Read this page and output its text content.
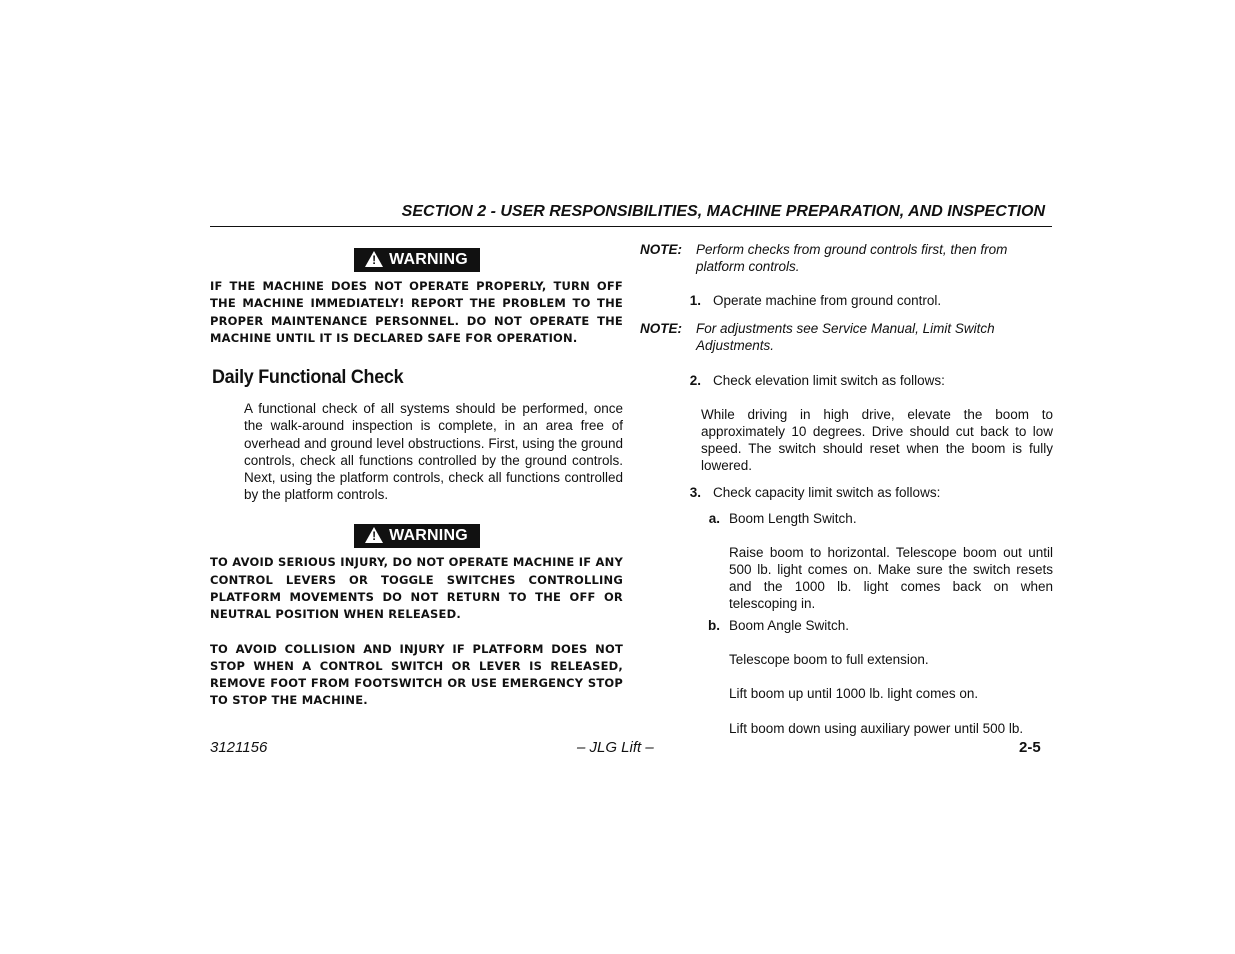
SECTION 2 - USER RESPONSIBILITIES, MACHINE PREPARATION, AND INSPECTION
!WARNING

IF THE MACHINE DOES NOT OPERATE PROPERLY, TURN OFF THE MACHINE IMMEDIATELY! REPORT THE PROBLEM TO THE PROPER MAINTENANCE PERSONNEL. DO NOT OPERATE THE MACHINE UNTIL IT IS DECLARED SAFE FOR OPERATION.

Daily Functional Check

A functional check of all systems should be performed, once the walk-around inspection is complete, in an area free of overhead and ground level obstructions. First, using the ground controls, check all functions controlled by the ground controls. Next, using the platform controls, check all functions controlled by the platform controls.

!WARNING

TO AVOID SERIOUS INJURY, DO NOT OPERATE MACHINE IF ANY CONTROL LEVERS OR TOGGLE SWITCHES CONTROLLING PLATFORM MOVEMENTS DO NOT RETURN TO THE OFF OR NEUTRAL POSITION WHEN RELEASED.

TO AVOID COLLISION AND INJURY IF PLATFORM DOES NOT STOP WHEN A CONTROL SWITCH OR LEVER IS RELEASED, REMOVE FOOT FROM FOOTSWITCH OR USE EMERGENCY STOP TO STOP THE MACHINE.

NOTE:	Perform checks from ground controls first, then from platform controls.
1. Operate machine from ground control.
NOTE:	For adjustments see Service Manual, Limit Switch Adjustments.
2. Check elevation limit switch as follows:
While driving in high drive, elevate the boom to approximately 10 degrees. Drive should cut back to low speed. The switch should reset when the boom is fully lowered.
3. Check capacity limit switch as follows:
a. Boom Length Switch.
Raise boom to horizontal. Telescope boom out until 500 lb. light comes on. Make sure the switch resets and the 1000 lb. light comes back on when telescoping in.
b. Boom Angle Switch.
Telescope boom to full extension.
Lift boom up until 1000 lb. light comes on.
Lift boom down using auxiliary power until 500 lb.
3121156	– JLG Lift –	2-5
